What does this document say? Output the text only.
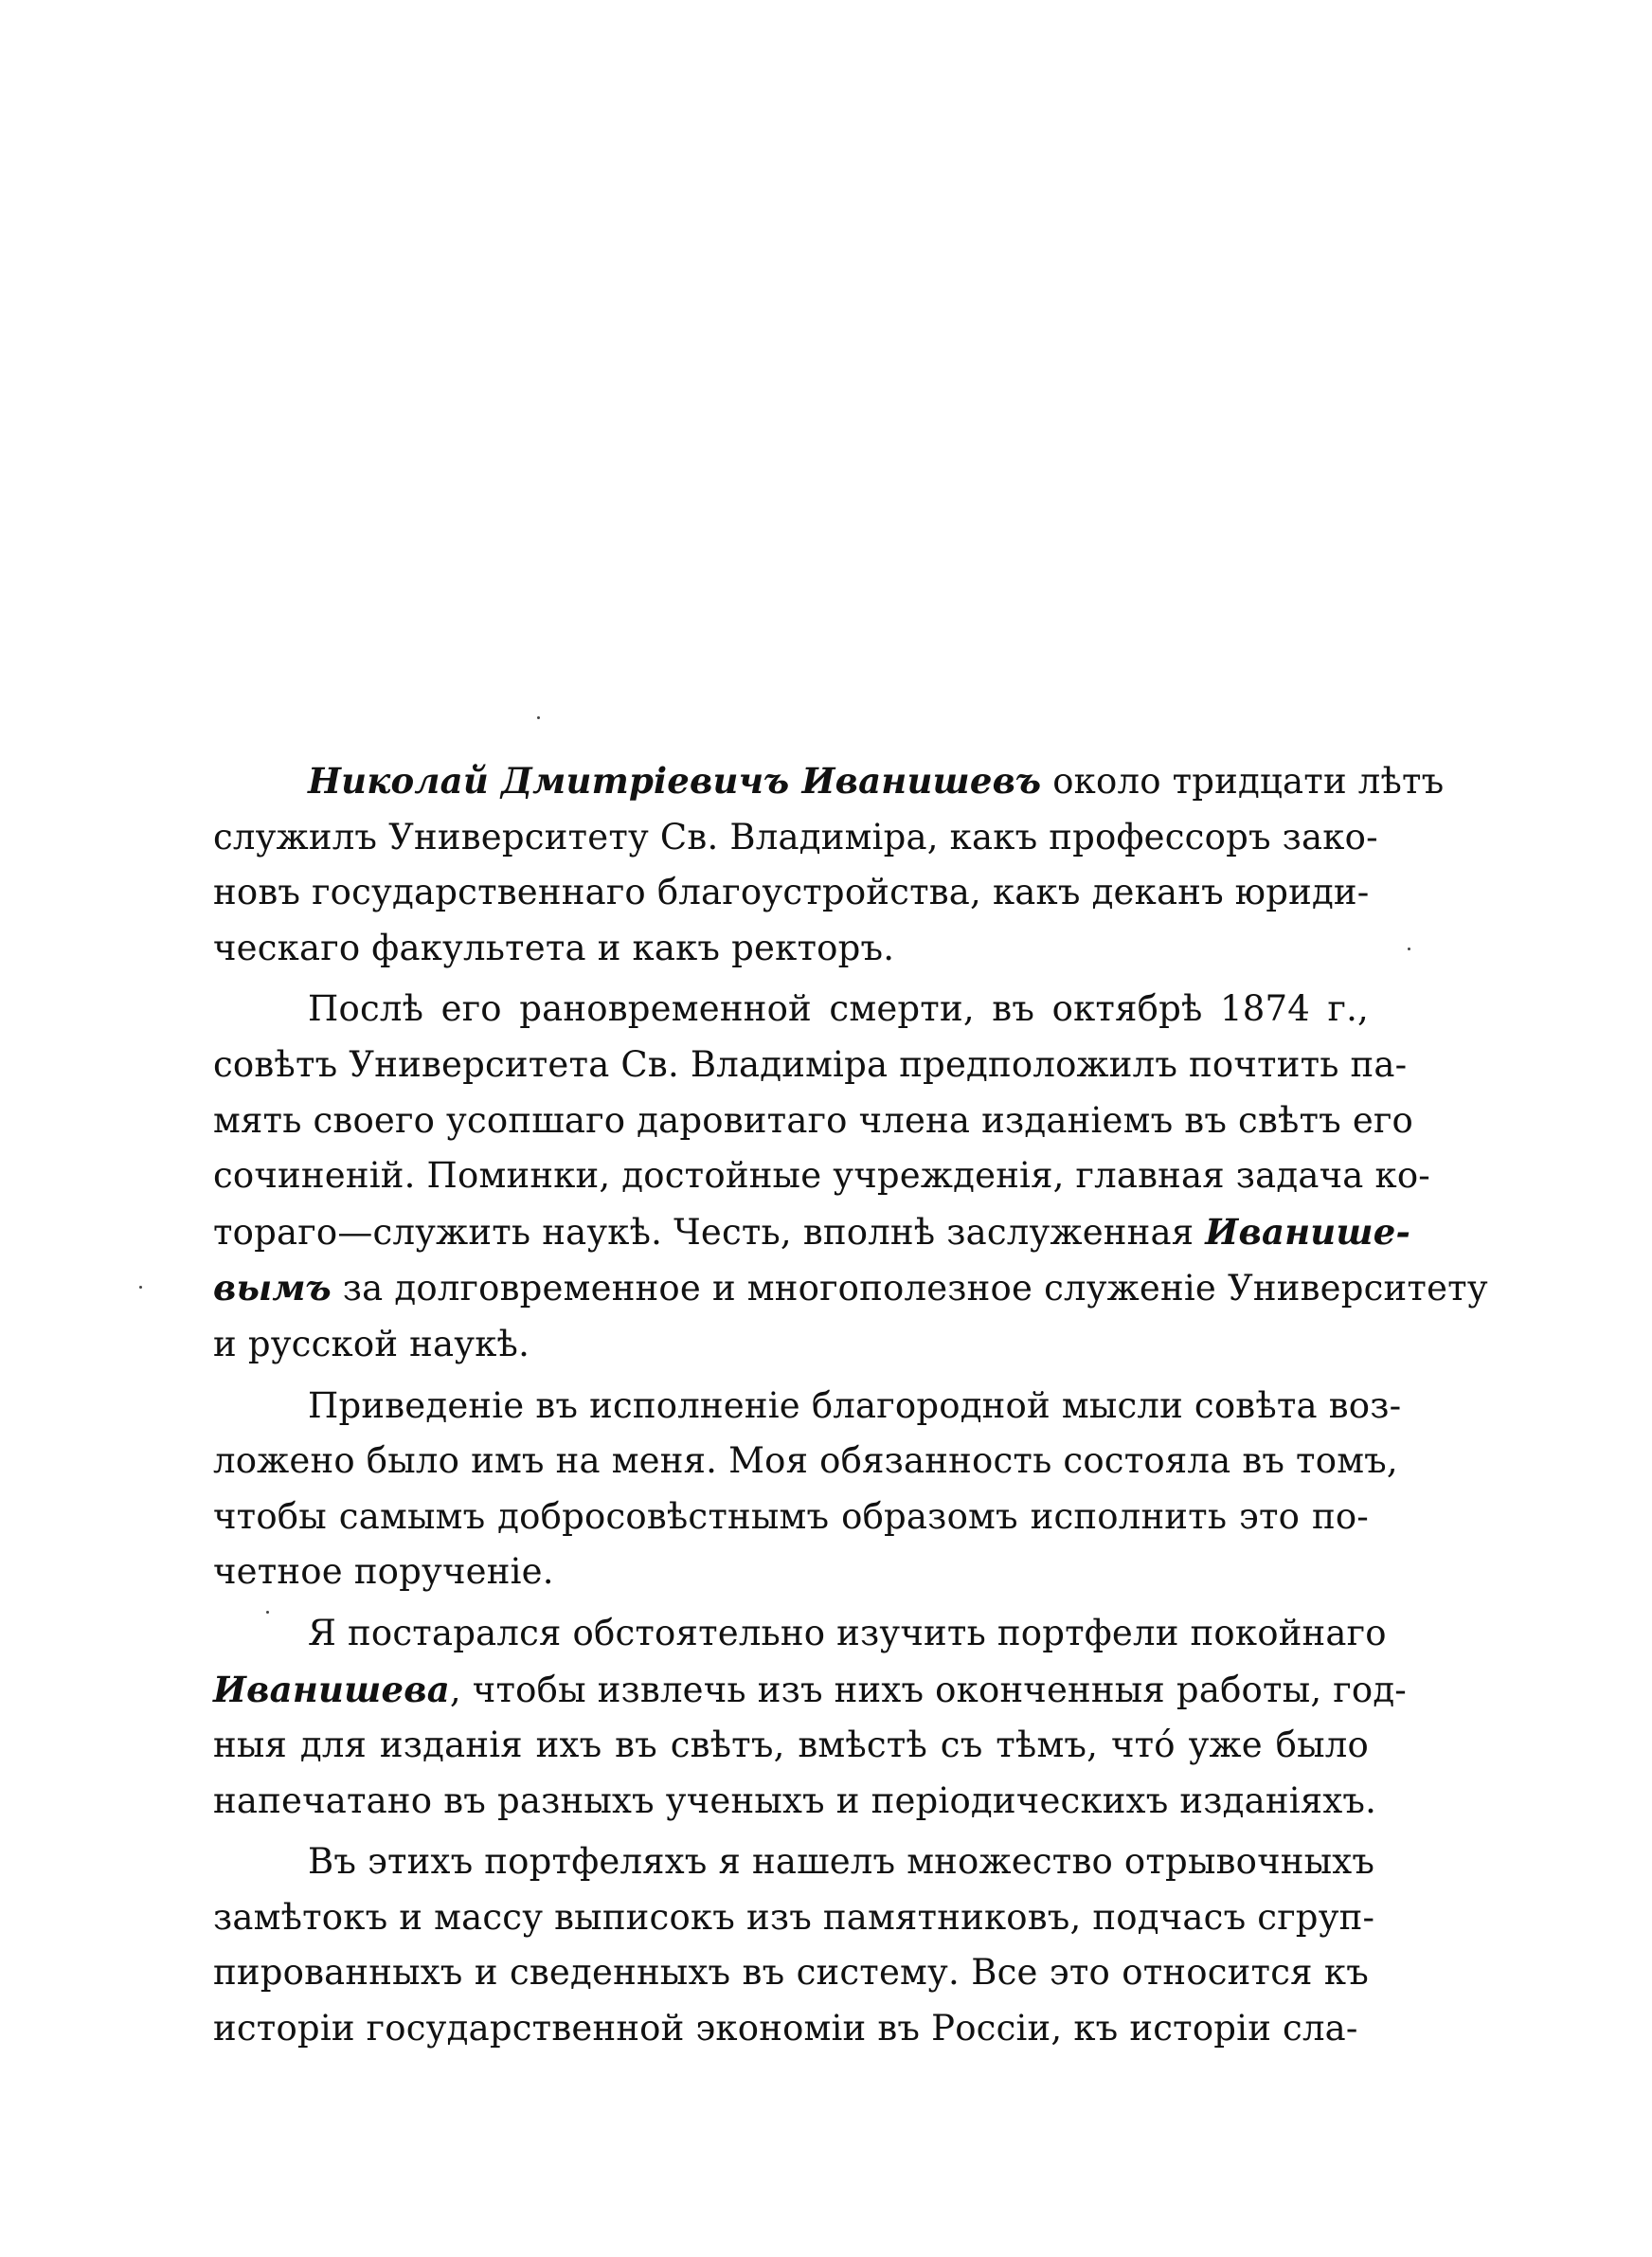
Николай Дмитріевичъ Иванишевъ около тридцати лѣтъ
служилъ Университету Св. Владиміра, какъ профессоръ зако-
новъ государственнаго благоустройства, какъ деканъ юриди-
ческаго факультета и какъ ректоръ.
Послѣ его рановременной смерти, въ октябрѣ 1874 г.,
совѣтъ Университета Св. Владиміра предположилъ почтить па-
мять своего усопшаго даровитаго члена изданіемъ въ свѣтъ его
сочиненій. Поминки, достойные учрежденія, главная задача ко-
тораго—служить наукѣ. Честь, вполнѣ заслуженная Иванише-
вымъ за долговременное и многополезное служеніе Университету
и русской наукѣ.
Приведеніе въ исполненіе благородной мысли совѣта воз-
ложено было имъ на меня. Моя обязанность состояла въ томъ,
чтобы самымъ добросовѣстнымъ образомъ исполнить это по-
четное порученіе.
Я постарался обстоятельно изучить портфели покойнаго
Иванишева, чтобы извлечь изъ нихъ оконченныя работы, год-
ныя для изданія ихъ въ свѣтъ, вмѣстѣ съ тѣмъ, что́ уже было
напечатано въ разныхъ ученыхъ и періодическихъ изданіяхъ.
Въ этихъ портфеляхъ я нашелъ множество отрывочныхъ
замѣтокъ и массу выписокъ изъ памятниковъ, подчасъ сгруп-
пированныхъ и сведенныхъ въ систему. Все это относится къ
исторіи государственной экономіи въ Россіи, къ исторіи сла-
